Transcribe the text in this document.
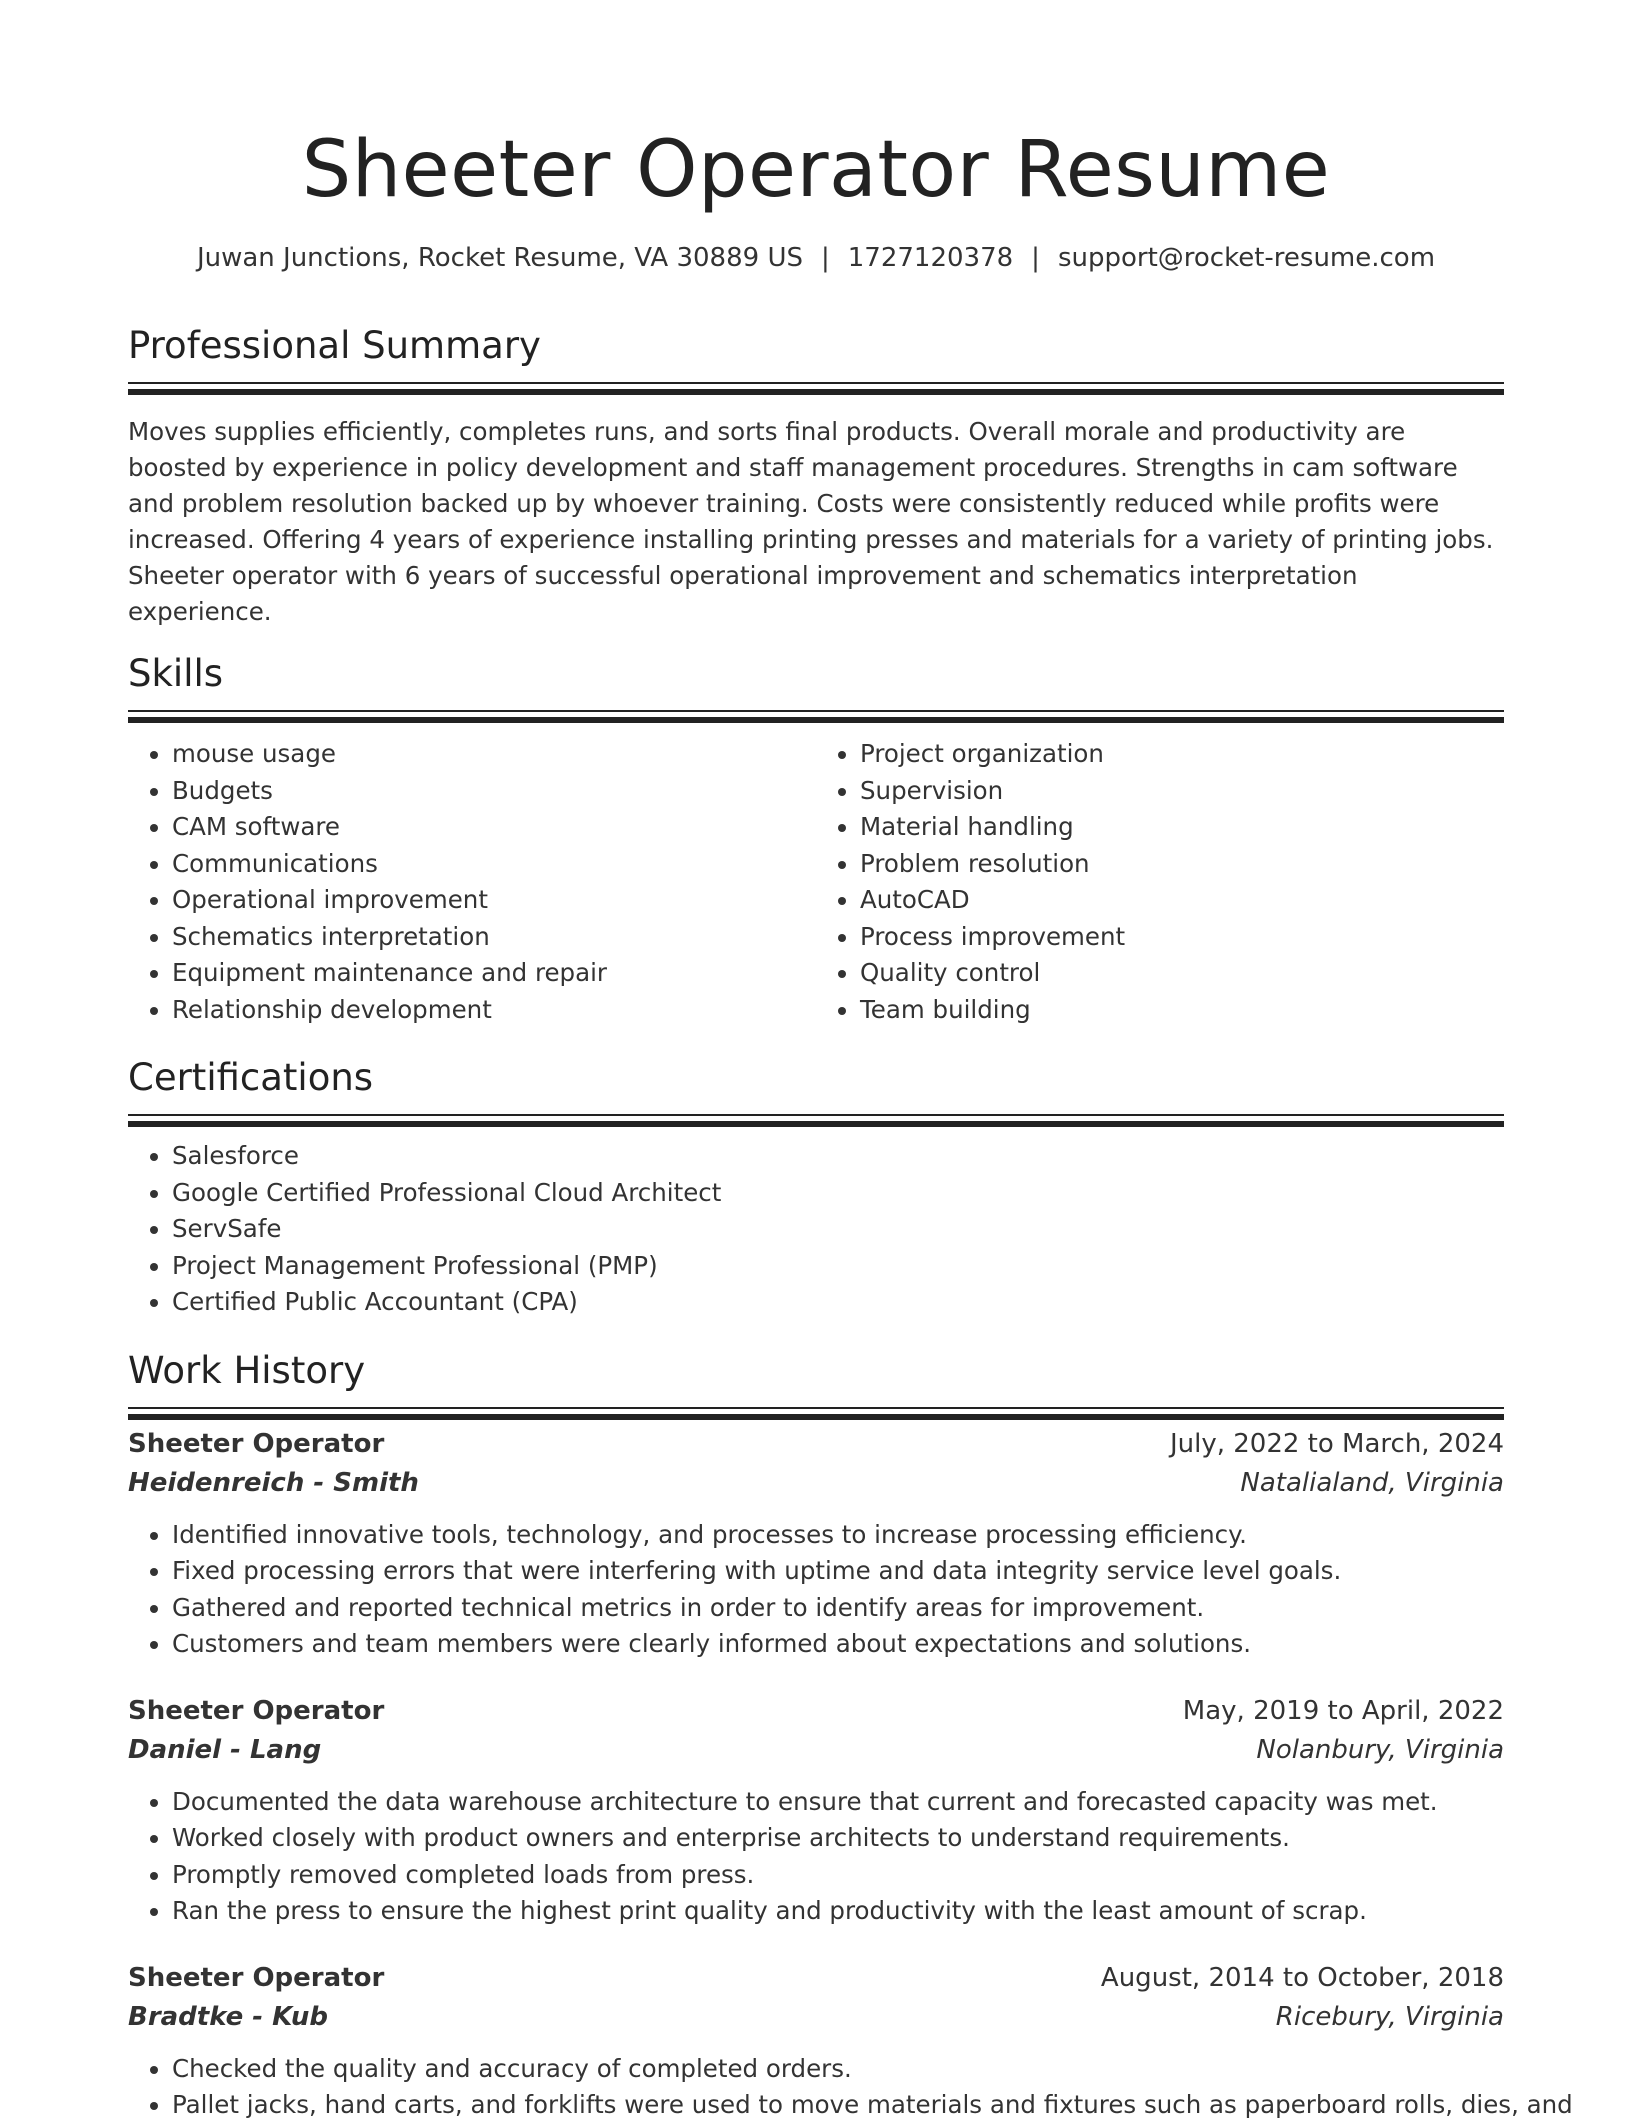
Sheeter Operator Resume
Juwan Junctions, Rocket Resume, VA 30889 US | 1727120378 | support@rocket-resume.com
Professional Summary

Moves supplies efficiently, completes runs, and sorts final products. Overall morale and productivity are boosted by experience in policy development and staff management procedures. Strengths in cam software and problem resolution backed up by whoever training. Costs were consistently reduced while profits were increased. Offering 4 years of experience installing printing presses and materials for a variety of printing jobs. Sheeter operator with 6 years of successful operational improvement and schematics interpretation experience.

Skills
• mouse usage
• Budgets
• CAM software
• Communications
• Operational improvement
• Schematics interpretation
• Equipment maintenance and repair
• Relationship development
• Project organization
• Supervision
• Material handling
• Problem resolution
• AutoCAD
• Process improvement
• Quality control
• Team building
Certifications
• Salesforce
• Google Certified Professional Cloud Architect
• ServSafe
• Project Management Professional (PMP)
• Certified Public Accountant (CPA)
Work History
Sheeter Operator	July, 2022 to March, 2024
Heidenreich - Smith	Natalialand, Virginia
• Identified innovative tools, technology, and processes to increase processing efficiency.
• Fixed processing errors that were interfering with uptime and data integrity service level goals.
• Gathered and reported technical metrics in order to identify areas for improvement.
• Customers and team members were clearly informed about expectations and solutions.
Sheeter Operator	May, 2019 to April, 2022
Daniel - Lang	Nolanbury, Virginia
• Documented the data warehouse architecture to ensure that current and forecasted capacity was met.
• Worked closely with product owners and enterprise architects to understand requirements.
• Promptly removed completed loads from press.
• Ran the press to ensure the highest print quality and productivity with the least amount of scrap.
Sheeter Operator	August, 2014 to October, 2018
Bradtke - Kub	Ricebury, Virginia
• Checked the quality and accuracy of completed orders.
• Pallet jacks, hand carts, and forklifts were used to move materials and fixtures such as paperboard rolls, dies, and
